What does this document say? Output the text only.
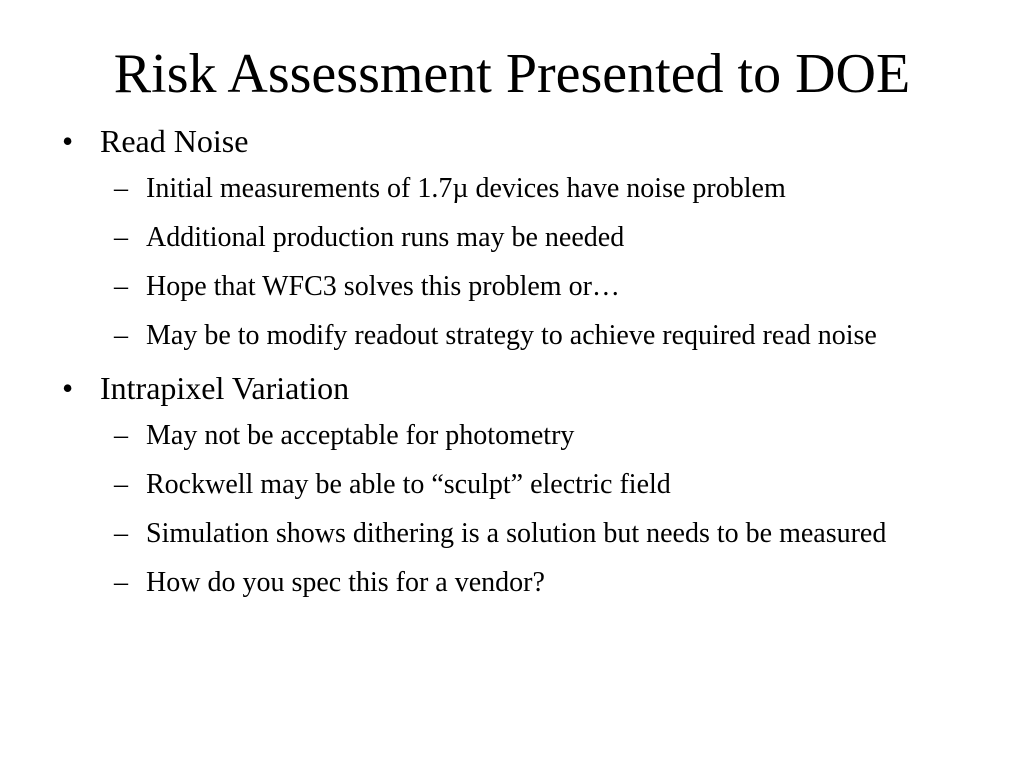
Risk Assessment Presented to DOE
• Read Noise
– Initial measurements of 1.7µ devices have noise problem
– Additional production runs may be needed
– Hope that WFC3 solves this problem or…
– May be to modify readout strategy to achieve required read noise
• Intrapixel Variation
– May not be acceptable for photometry
– Rockwell may be able to “sculpt” electric field
– Simulation shows dithering is a solution but needs to be measured
– How do you spec this for a vendor?
